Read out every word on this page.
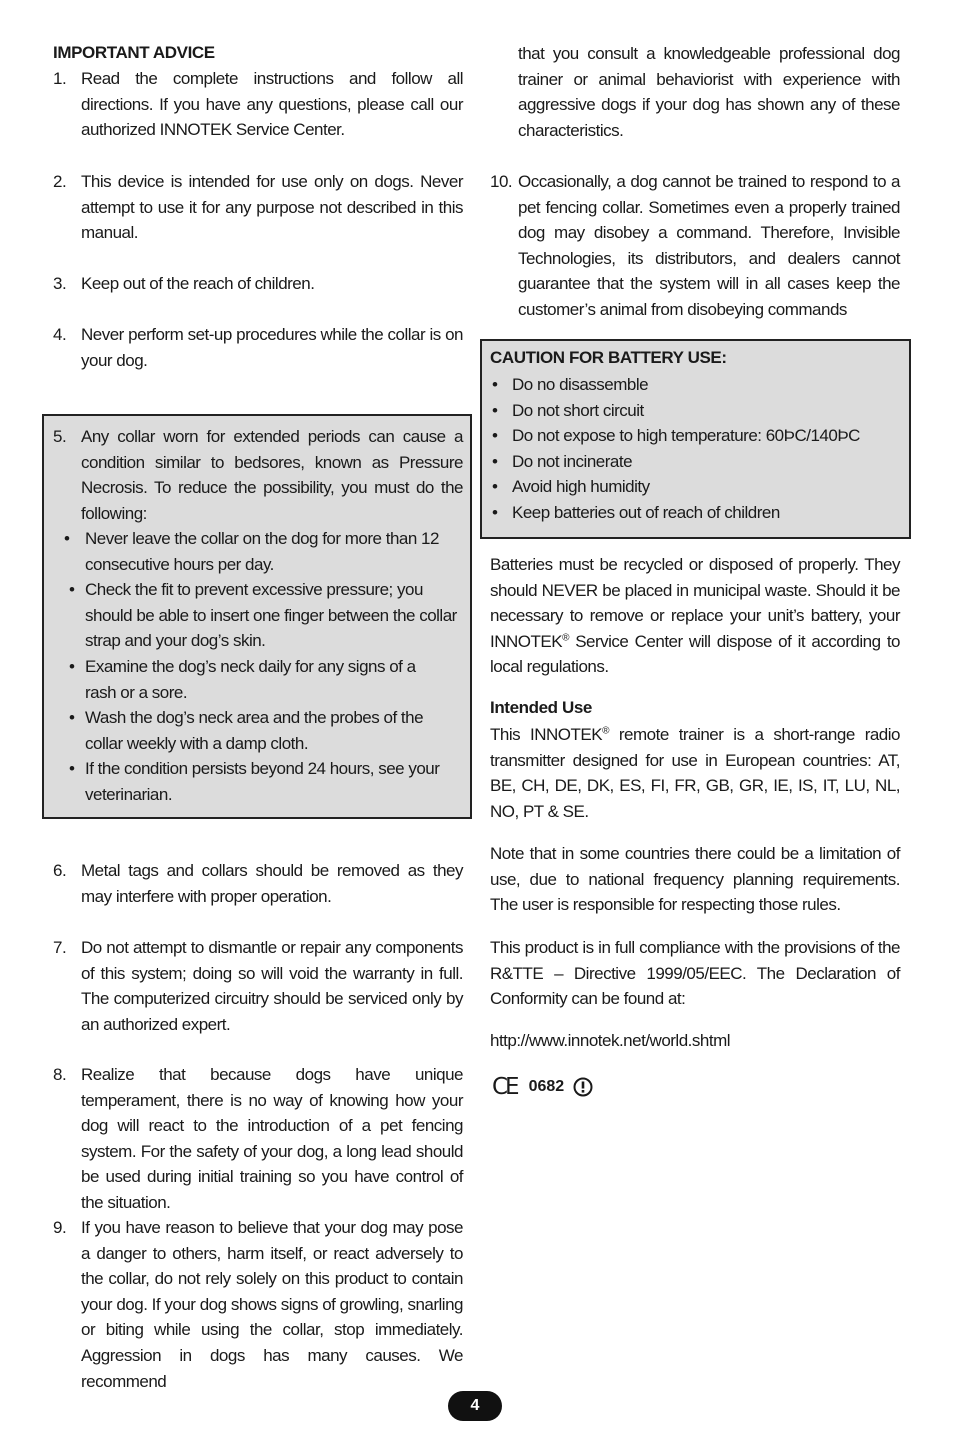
IMPORTANT ADVICE
1. Read the complete instructions and follow all directions. If you have any questions, please call our authorized INNOTEK Service Center.
2. This device is intended for use only on dogs. Never attempt to use it for any purpose not described in this manual.
3. Keep out of the reach of children.
4. Never perform set-up procedures while the collar is on your dog.
5. Any collar worn for extended periods can cause a condition similar to bedsores, known as Pressure Necrosis. To reduce the possibility, you must do the following:
• Never leave the collar on the dog for more than 12 consecutive hours per day.
• Check the fit to prevent excessive pressure; you should be able to insert one finger between the collar strap and your dog’s skin.
• Examine the dog’s neck daily for any signs of a rash or a sore.
• Wash the dog’s neck area and the probes of the collar weekly with a damp cloth.
• If the condition persists beyond 24 hours, see your veterinarian.
6. Metal tags and collars should be removed as they may interfere with proper operation.
7. Do not attempt to dismantle or repair any components of this system; doing so will void the warranty in full. The computerized circuitry should be serviced only by an authorized expert.
8. Realize that because dogs have unique temperament, there is no way of knowing how your dog will react to the introduction of a pet fencing system. For the safety of your dog, a long lead should be used during initial training so you have control of the situation.
9. If you have reason to believe that your dog may pose a danger to others, harm itself, or react adversely to the collar, do not rely solely on this product to contain your dog. If your dog shows signs of growling, snarling or biting while using the collar, stop immediately. Aggression in dogs has many causes. We recommend
that you consult a knowledgeable professional dog trainer or animal behaviorist with experience with aggressive dogs if your dog has shown any of these characteristics.
10. Occasionally, a dog cannot be trained to respond to a pet fencing collar. Sometimes even a properly trained dog may disobey a command. Therefore, Invisible Technologies, its distributors, and dealers cannot guarantee that the system will in all cases keep the customer’s animal from disobeying commands
CAUTION FOR BATTERY USE:
• Do no disassemble
• Do not short circuit
• Do not expose to high temperature: 60ÞC/140ÞC
• Do not incinerate
• Avoid high humidity
• Keep batteries out of reach of children
Batteries must be recycled or disposed of properly. They should NEVER be placed in municipal waste. Should it be necessary to remove or replace your unit’s battery, your INNOTEK® Service Center will dispose of it according to local regulations.
Intended Use
This INNOTEK® remote trainer is a short-range radio transmitter designed for use in European countries: AT, BE, CH, DE, DK, ES, FI, FR, GB, GR, IE, IS, IT, LU, NL, NO, PT & SE.
Note that in some countries there could be a limitation of use, due to national frequency planning requirements. The user is responsible for respecting those rules.
This product is in full compliance with the provisions of the R&TTE – Directive 1999/05/EEC. The Declaration of Conformity can be found at:
http://www.innotek.net/world.shtml
CE 0682
4
